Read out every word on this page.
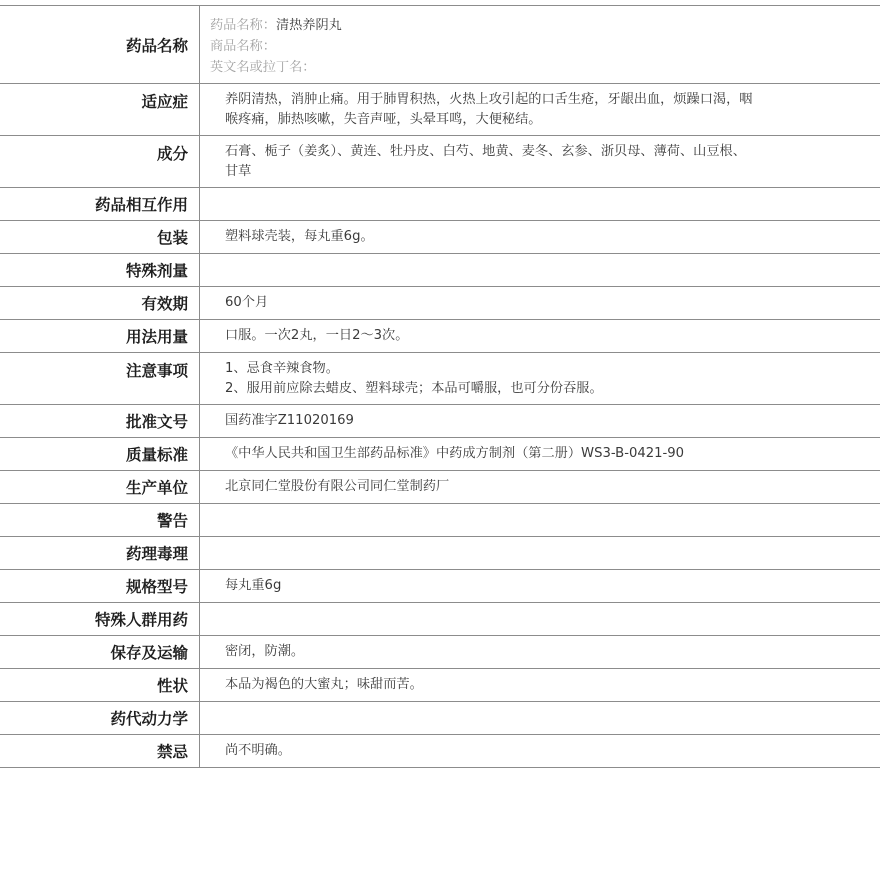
药品名称
药品名称：清热养阴丸
商品名称：
英文名或拉丁名：
适应症	养阴清热，消肿止痛。用于肺胃积热，火热上攻引起的口舌生疮，牙龈出血，烦躁口渴，咽
喉疼痛，肺热咳嗽，失音声哑，头晕耳鸣，大便秘结。
成分	石膏、栀子（姜炙）、黄连、牡丹皮、白芍、地黄、麦冬、玄参、浙贝母、薄荷、山豆根、
甘草
药品相互作用
包装	塑料球壳装，每丸重6g。
特殊剂量
有效期	60个月
用法用量	口服。一次2丸，一日2～3次。
注意事项	1、忌食辛辣食物。
2、服用前应除去蜡皮、塑料球壳；本品可嚼服，也可分份吞服。
批准文号	国药准字Z11020169
质量标准	《中华人民共和国卫生部药品标准》中药成方制剂（第二册）WS3-B-0421-90
生产单位	北京同仁堂股份有限公司同仁堂制药厂
警告
药理毒理
规格型号	每丸重6g
特殊人群用药
保存及运输	密闭，防潮。
性状	本品为褐色的大蜜丸；味甜而苦。
药代动力学
禁忌	尚不明确。
